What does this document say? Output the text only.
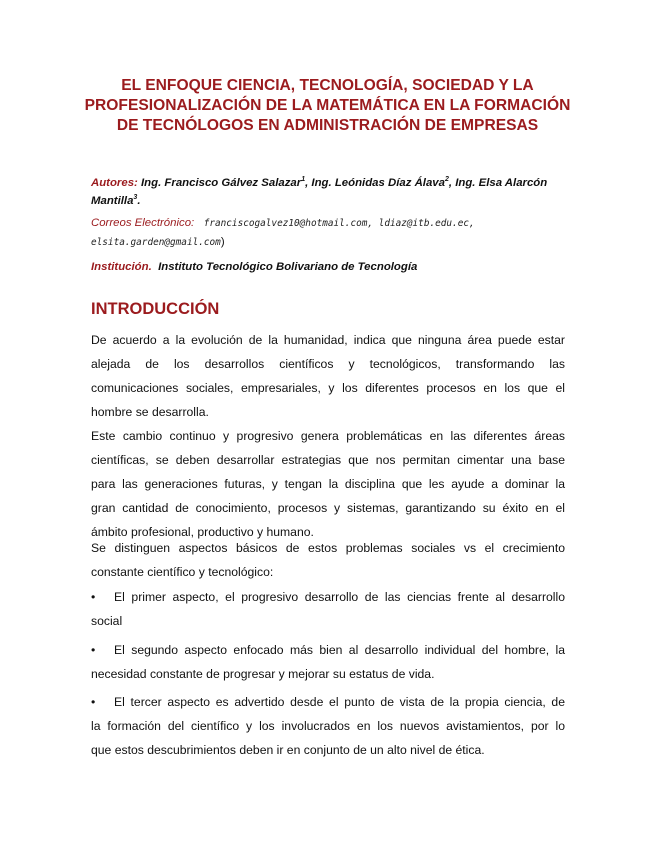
EL ENFOQUE CIENCIA, TECNOLOGÍA, SOCIEDAD Y LA
PROFESIONALIZACIÓN DE LA MATEMÁTICA EN LA FORMACIÓN
DE TECNÓLOGOS EN ADMINISTRACIÓN DE EMPRESAS
Autores: Ing. Francisco Gálvez Salazar$^1$, Ing. Leónidas Díaz Álava$^2$, Ing. Elsa Alarcón
Mantilla$^3$.
Correos Electrónico: franciscogalvez10@hotmail.com, ldiaz@itb.edu.ec,
elsita.garden@gmail.com)
Institución. Instituto Tecnológico Bolivariano de Tecnología
INTRODUCCIÓN
De acuerdo a la evolución de la humanidad, indica que ninguna área puede estar
alejada de los desarrollos científicos y tecnológicos, transformando las
comunicaciones sociales, empresariales, y los diferentes procesos en los que el
hombre se desarrolla.
Este cambio continuo y progresivo genera problemáticas en las diferentes áreas
científicas, se deben desarrollar estrategias que nos permitan cimentar una base
para las generaciones futuras, y tengan la disciplina que les ayude a dominar la
gran cantidad de conocimiento, procesos y sistemas, garantizando su éxito en el
ámbito profesional, productivo y humano.
Se distinguen aspectos básicos de estos problemas sociales vs el crecimiento
constante científico y tecnológico:
• El primer aspecto, el progresivo desarrollo de las ciencias frente al desarrollo
social
• El segundo aspecto enfocado más bien al desarrollo individual del hombre, la
necesidad constante de progresar y mejorar su estatus de vida.
• El tercer aspecto es advertido desde el punto de vista de la propia ciencia, de
la formación del científico y los involucrados en los nuevos avistamientos, por lo
que estos descubrimientos deben ir en conjunto de un alto nivel de ética.
